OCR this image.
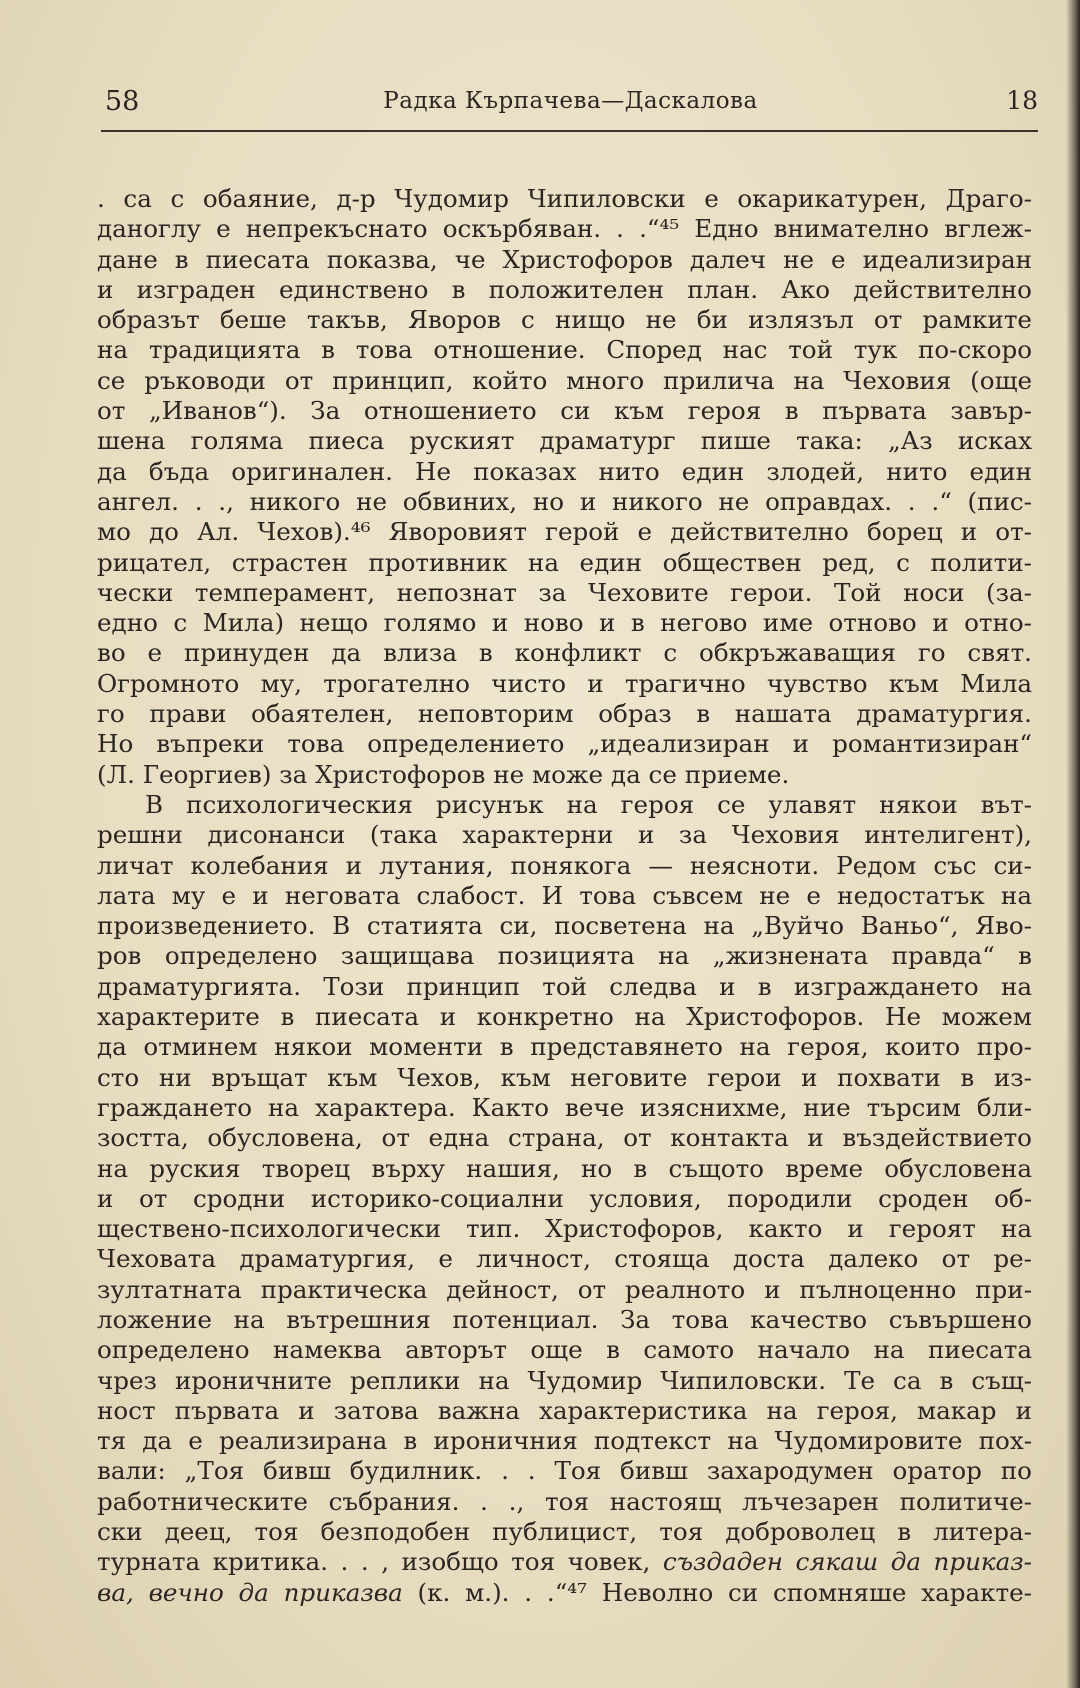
58	Радка Кърпачева—Даскалова	18
. са с обаяние, д-р Чудомир Чипиловски е окарикатурен, Драго-
даноглу е непрекъснато оскърбяван. . .“⁴⁵ Едно внимателно вглеж-
дане в пиесата показва, че Христофоров далеч не е идеализиран
и изграден единствено в положителен план. Ако действително
образът беше такъв, Яворов с нищо не би излязъл от рамките
на традицията в това отношение. Според нас той тук по-скоро
се ръководи от принцип, който много прилича на Чеховия (още
от „Иванов“). За отношението си към героя в първата завър-
шена голяма пиеса руският драматург пише така: „Аз исках
да бъда оригинален. Не показах нито един злодей, нито един
ангел. . ., никого не обвиних, но и никого не оправдах. . .“ (пис-
мо до Ал. Чехов).⁴⁶ Яворовият герой е действително борец и от-
рицател, страстен противник на един обществен ред, с полити-
чески темперамент, непознат за Чеховите герои. Той носи (за-
едно с Мила) нещо голямо и ново и в негово име отново и отно-
во е принуден да влиза в конфликт с обкръжаващия го свят.
Огромното му, трогателно чисто и трагично чувство към Мила
го прави обаятелен, неповторим образ в нашата драматургия.
Но въпреки това определението „идеализиран и романтизиран“
(Л. Георгиев) за Христофоров не може да се приеме.
В психологическия рисунък на героя се улавят някои вът-
решни дисонанси (така характерни и за Чеховия интелигент),
личат колебания и лутания, понякога — неясноти. Редом със си-
лата му е и неговата слабост. И това съвсем не е недостатък на
произведението. В статията си, посветена на „Вуйчо Ваньо“, Яво-
ров определено защищава позицията на „жизнената правда“ в
драматургията. Този принцип той следва и в изграждането на
характерите в пиесата и конкретно на Христофоров. Не можем
да отминем някои моменти в представянето на героя, които про-
сто ни връщат към Чехов, към неговите герои и похвати в из-
граждането на характера. Както вече изяснихме, ние търсим бли-
зостта, обусловена, от една страна, от контакта и въздействието
на руския творец върху нашия, но в същото време обусловена
и от сродни историко-социални условия, породили сроден об-
ществено-психологически тип. Христофоров, както и героят на
Чеховата драматургия, е личност, стояща доста далеко от ре-
зултатната практическа дейност, от реалното и пълноценно при-
ложение на вътрешния потенциал. За това качество съвършено
определено намеква авторът още в самото начало на пиесата
чрез ироничните реплики на Чудомир Чипиловски. Те са в същ-
ност първата и затова важна характеристика на героя, макар и
тя да е реализирана в ироничния подтекст на Чудомировите пох-
вали: „Тоя бивш будилник. . . Тоя бивш захародумен оратор по
работническите събрания. . ., тоя настоящ лъчезарен политиче-
ски деец, тоя безподобен публицист, тоя доброволец в литера-
турната критика. . . , изобщо тоя човек, създаден сякаш да приказ-
ва, вечно да приказва (к. м.). . .“⁴⁷ Неволно си спомняше характе-
